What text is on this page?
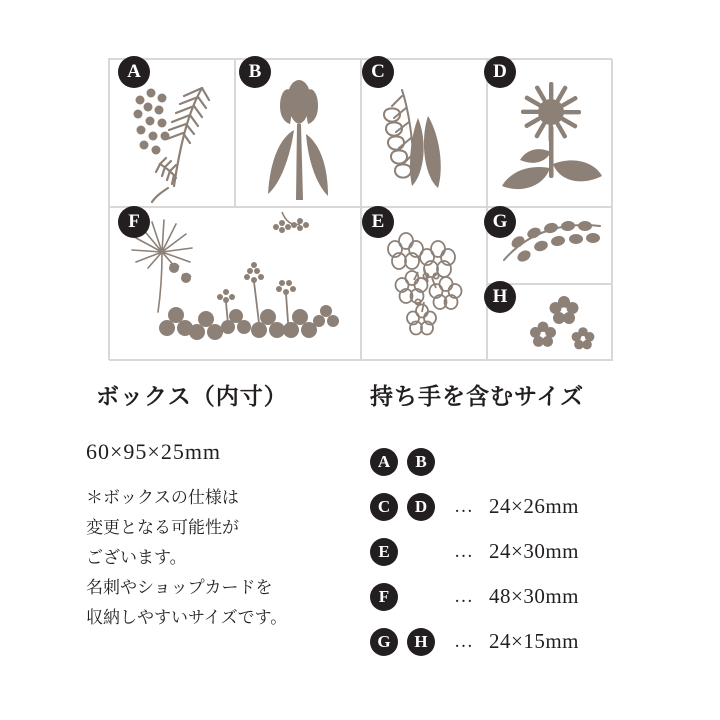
A	B	C	D
F	E	G
H
ボックス（内寸）

60×95×25mm

＊ボックスの仕様は
変更となる可能性が
ございます。
名刺やショップカードを
収納しやすいサイズです。
持ち手を含むサイズ
A	B
C	D	… 24×26mm
E	… 24×30mm
F	… 48×30mm
G	H	… 24×15mm
